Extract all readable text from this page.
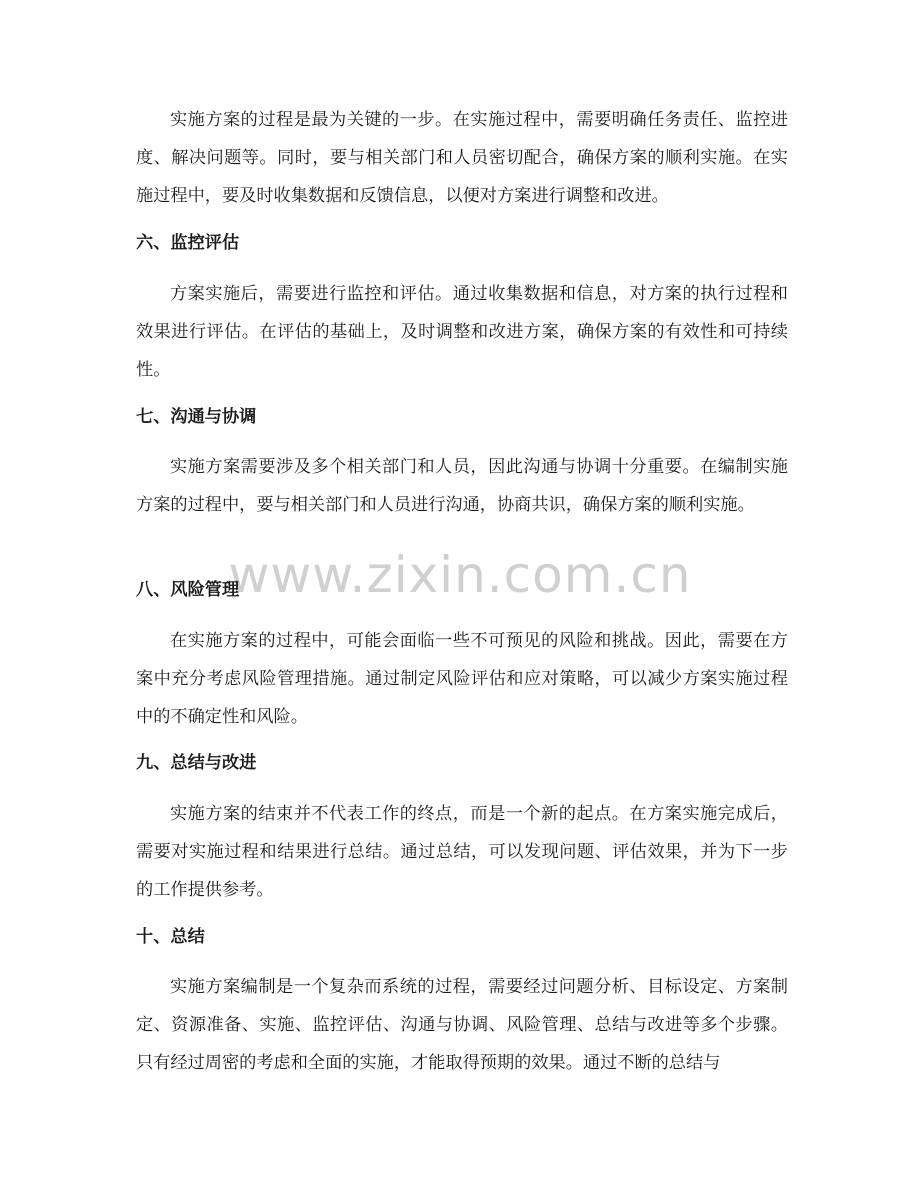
实施方案的过程是最为关键的一步。在实施过程中，需要明确任务责任、监控进度、解决问题等。同时，要与相关部门和人员密切配合，确保方案的顺利实施。在实施过程中，要及时收集数据和反馈信息，以便对方案进行调整和改进。

六、监控评估

方案实施后，需要进行监控和评估。通过收集数据和信息，对方案的执行过程和效果进行评估。在评估的基础上，及时调整和改进方案，确保方案的有效性和可持续性。

七、沟通与协调

实施方案需要涉及多个相关部门和人员，因此沟通与协调十分重要。在编制实施方案的过程中，要与相关部门和人员进行沟通，协商共识，确保方案的顺利实施。

八、风险管理

在实施方案的过程中，可能会面临一些不可预见的风险和挑战。因此，需要在方案中充分考虑风险管理措施。通过制定风险评估和应对策略，可以减少方案实施过程中的不确定性和风险。

九、总结与改进

实施方案的结束并不代表工作的终点，而是一个新的起点。在方案实施完成后，需要对实施过程和结果进行总结。通过总结，可以发现问题、评估效果，并为下一步的工作提供参考。

十、总结

实施方案编制是一个复杂而系统的过程，需要经过问题分析、目标设定、方案制定、资源准备、实施、监控评估、沟通与协调、风险管理、总结与改进等多个步骤。只有经过周密的考虑和全面的实施，才能取得预期的效果。通过不断的总结与

www.zixin.com.cn
